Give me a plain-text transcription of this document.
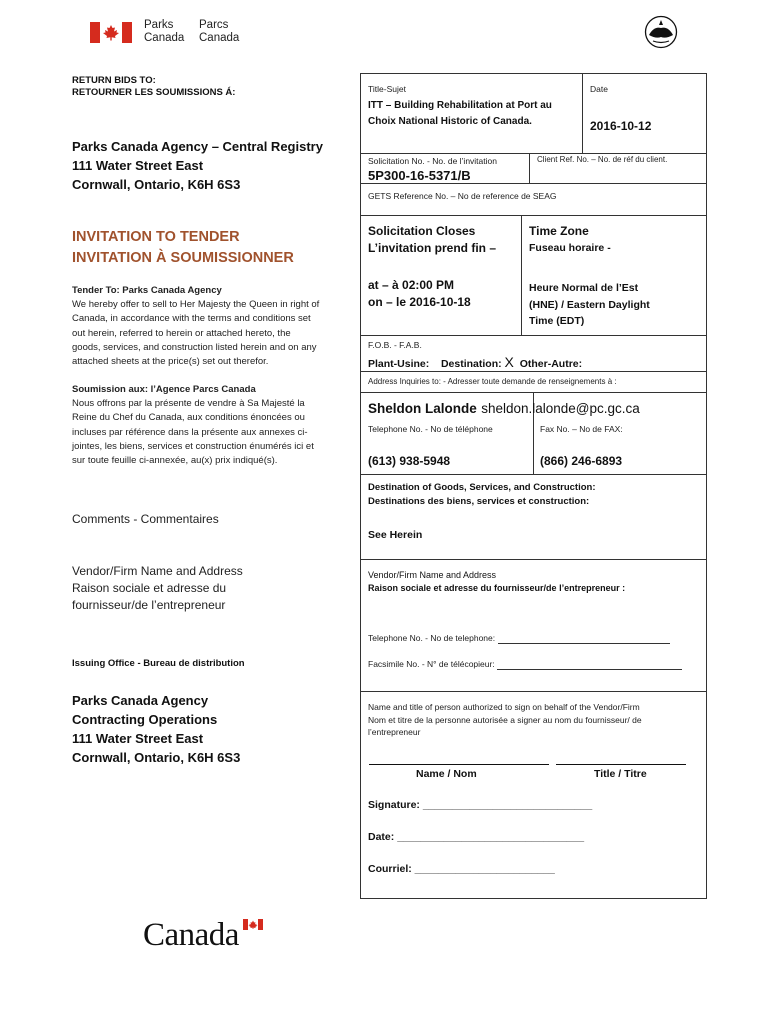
Parks
Canada
Parcs
Canada
RETURN BIDS TO:
RETOURNER LES SOUMISSIONS Á:
Parks Canada Agency – Central Registry
111 Water Street East
Cornwall, Ontario, K6H 6S3
INVITATION TO TENDER
INVITATION À SOUMISSIONNER
Tender To: Parks Canada Agency
We hereby offer to sell to Her Majesty the Queen in right of
Canada, in accordance with the terms and conditions set
out herein, referred to herein or attached hereto, the
goods, services, and construction listed herein and on any
attached sheets at the price(s) set out therefor.
Soumission aux: l’Agence Parcs Canada
Nous offrons par la présente de vendre à Sa Majesté la
Reine du Chef du Canada, aux conditions énoncées ou
incluses par référence dans la présente aux annexes ci-
jointes, les biens, services et construction énumérés ici et
sur toute feuille ci-annexée, au(x) prix indiqué(s).
Comments - Commentaires
Vendor/Firm Name and Address
Raison sociale et adresse du
fournisseur/de l’entrepreneur
Issuing Office - Bureau de distribution
Parks Canada Agency
Contracting Operations
111 Water Street East
Cornwall, Ontario, K6H 6S3
Title-Sujet
ITT – Building Rehabilitation at Port au
Choix National Historic of Canada.
Date
2016-10-12
Solicitation No. - No. de l’invitation
5P300-16-5371/B
Client Ref. No. – No. de réf du client.
GETS Reference No. – No de reference de SEAG
Solicitation Closes
L’invitation prend fin –
Time Zone
Fuseau horaire -
at – à 02:00 PM
on – le 2016-10-18
Heure Normal de l’Est
(HNE) / Eastern Daylight
Time (EDT)
F.O.B. - F.A.B.
Plant-Usine: Destination: X Other-Autre:
Address Inquiries to: - Adresser toute demande de renseignements à :
Sheldon Lalonde sheldon.lalonde@pc.gc.ca
Telephone No. - No de téléphone	Fax No. – No de FAX:
(613) 938-5948	(866) 246-6893
Destination of Goods, Services, and Construction:
Destinations des biens, services et construction:
See Herein
Vendor/Firm Name and Address
Raison sociale et adresse du fournisseur/de l’entrepreneur :
Telephone No. - No de telephone:
Facsimile No. - N° de télécopieur:
Name and title of person authorized to sign on behalf of the Vendor/Firm
Nom et titre de la personne autorisée a signer au nom du fournisseur/ de
l’entrepreneur
Name / Nom	Title / Titre
Signature: _____________________________
Date: ________________________________
Courriel: ________________________
Canada
